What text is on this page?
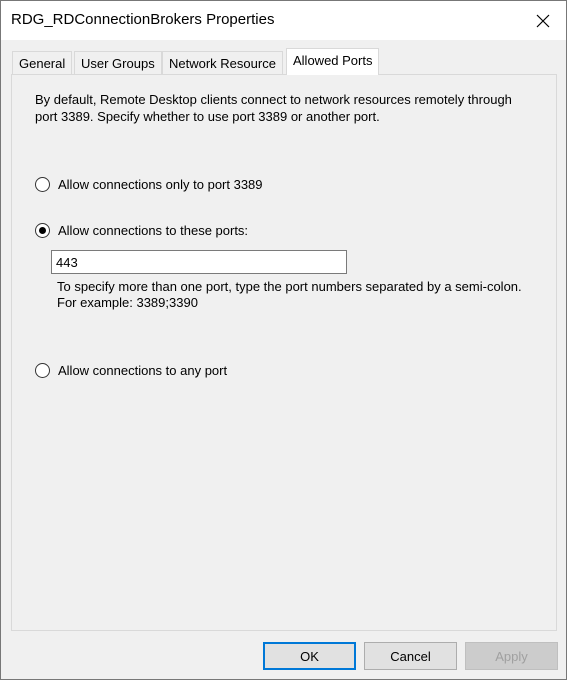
RDG_RDConnectionBrokers Properties
General	User Groups	Network Resource	Allowed Ports
By default, Remote Desktop clients connect to network resources remotely through port 3389. Specify whether to use port 3389 or another port.
Allow connections only to port 3389
Allow connections to these ports:
443
To specify more than one port, type the port numbers separated by a semi-colon.
For example: 3389;3390
Allow connections to any port
OK	Cancel	Apply
